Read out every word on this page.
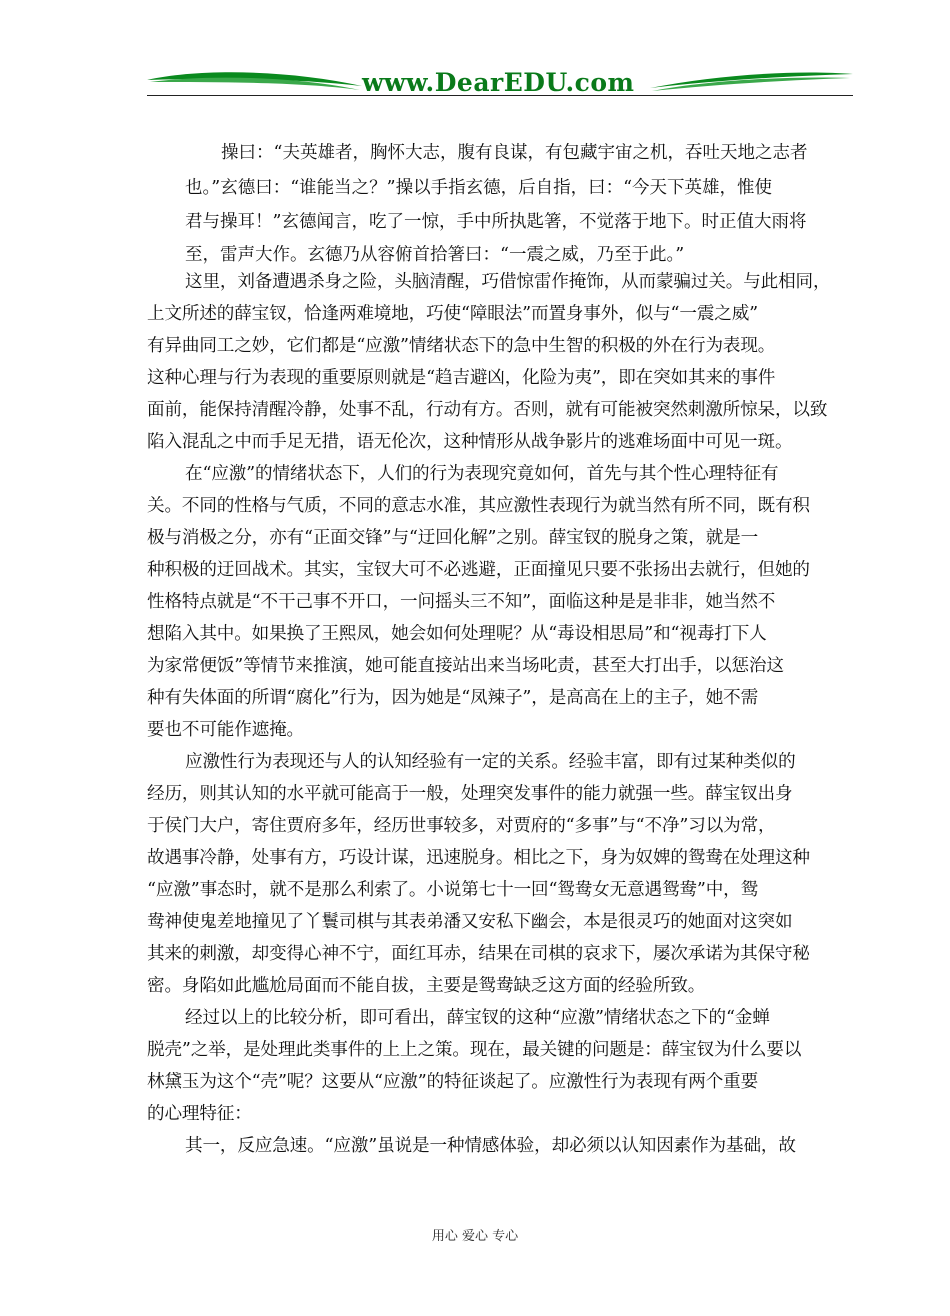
www.DearEDU.com
操曰：“夫英雄者，胸怀大志，腹有良谋，有包藏宇宙之机，吞吐天地之志者
也。”玄德曰：“谁能当之？”操以手指玄德，后自指，曰：“今天下英雄，惟使
君与操耳！”玄德闻言，吃了一惊，手中所执匙箸，不觉落于地下。时正值大雨将
至，雷声大作。玄德乃从容俯首拾箸曰：“一震之威，乃至于此。”
这里，刘备遭遇杀身之险，头脑清醒，巧借惊雷作掩饰，从而蒙骗过关。与此相同，
上文所述的薛宝钗，恰逢两难境地，巧使“障眼法”而置身事外，似与“一震之威”
有异曲同工之妙，它们都是“应激”情绪状态下的急中生智的积极的外在行为表现。
这种心理与行为表现的重要原则就是“趋吉避凶，化险为夷”，即在突如其来的事件
面前，能保持清醒冷静，处事不乱，行动有方。否则，就有可能被突然刺激所惊呆，以致
陷入混乱之中而手足无措，语无伦次，这种情形从战争影片的逃难场面中可见一斑。
在“应激”的情绪状态下，人们的行为表现究竟如何，首先与其个性心理特征有
关。不同的性格与气质，不同的意志水准，其应激性表现行为就当然有所不同，既有积
极与消极之分，亦有“正面交锋”与“迂回化解”之别。薛宝钗的脱身之策，就是一
种积极的迂回战术。其实，宝钗大可不必逃避，正面撞见只要不张扬出去就行，但她的
性格特点就是“不干己事不开口，一问摇头三不知”，面临这种是是非非，她当然不
想陷入其中。如果换了王熙凤，她会如何处理呢？从“毒设相思局”和“视毒打下人
为家常便饭”等情节来推演，她可能直接站出来当场叱责，甚至大打出手，以惩治这
种有失体面的所谓“腐化”行为，因为她是“凤辣子”，是高高在上的主子，她不需
要也不可能作遮掩。
应激性行为表现还与人的认知经验有一定的关系。经验丰富，即有过某种类似的
经历，则其认知的水平就可能高于一般，处理突发事件的能力就强一些。薛宝钗出身
于侯门大户，寄住贾府多年，经历世事较多，对贾府的“多事”与“不净”习以为常，
故遇事冷静，处事有方，巧设计谋，迅速脱身。相比之下，身为奴婢的鸳鸯在处理这种
“应激”事态时，就不是那么利索了。小说第七十一回“鸳鸯女无意遇鸳鸯”中，鸳
鸯神使鬼差地撞见了丫鬟司棋与其表弟潘又安私下幽会，本是很灵巧的她面对这突如
其来的刺激，却变得心神不宁，面红耳赤，结果在司棋的哀求下，屡次承诺为其保守秘
密。身陷如此尴尬局面而不能自拔，主要是鸳鸯缺乏这方面的经验所致。
经过以上的比较分析，即可看出，薛宝钗的这种“应激”情绪状态之下的“金蝉
脱壳”之举，是处理此类事件的上上之策。现在，最关键的问题是：薛宝钗为什么要以
林黛玉为这个“壳”呢？这要从“应激”的特征谈起了。应激性行为表现有两个重要
的心理特征：
其一，反应急速。“应激”虽说是一种情感体验，却必须以认知因素作为基础，故
用心 爱心 专心
